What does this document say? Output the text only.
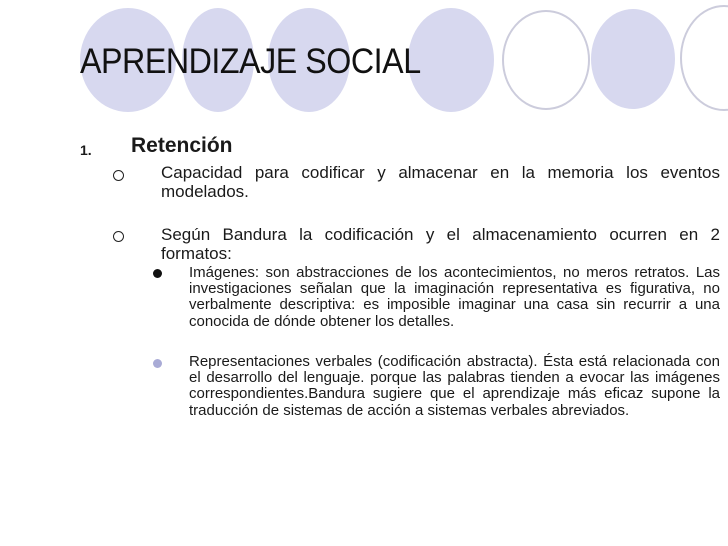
APRENDIZAJE SOCIAL
1. Retención
Capacidad para codificar y almacenar en la memoria los eventos modelados.
Según Bandura la codificación y el almacenamiento ocurren en 2 formatos:
Imágenes: son abstracciones de los acontecimientos, no meros retratos. Las investigaciones señalan que la imaginación representativa es figurativa, no verbalmente descriptiva: es imposible imaginar una casa sin recurrir a una conocida de dónde obtener los detalles.
Representaciones verbales (codificación abstracta). Ésta está relacionada con el desarrollo del lenguaje. porque las palabras tienden a evocar las imágenes correspondientes.Bandura sugiere que el aprendizaje más eficaz supone la traducción de sistemas de acción a sistemas verbales abreviados.
